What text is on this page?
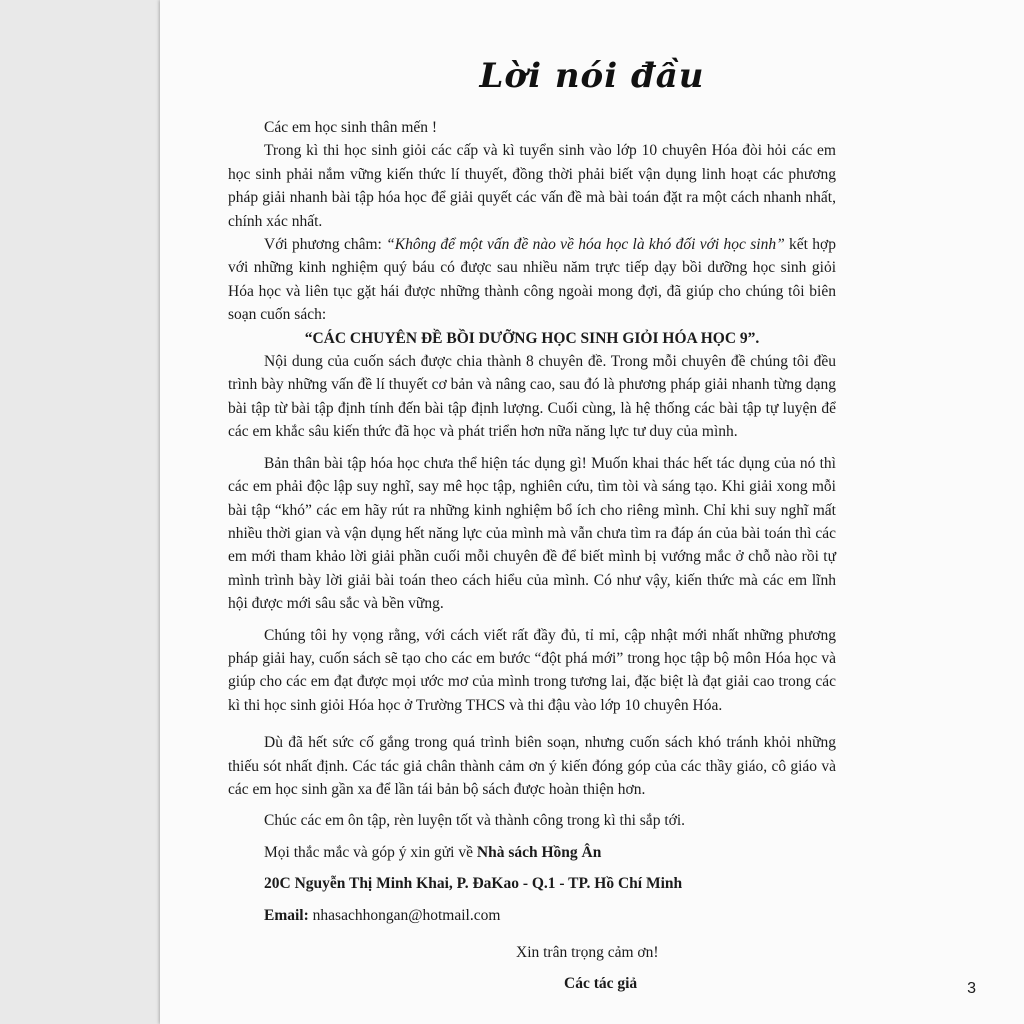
Lời nói đầu

Các em học sinh thân mến !

Trong kì thi học sinh giỏi các cấp và kì tuyển sinh vào lớp 10 chuyên Hóa đòi hỏi các em học sinh phải nắm vững kiến thức lí thuyết, đồng thời phải biết vận dụng linh hoạt các phương pháp giải nhanh bài tập hóa học để giải quyết các vấn đề mà bài toán đặt ra một cách nhanh nhất, chính xác nhất.

Với phương châm: “Không để một vấn đề nào về hóa học là khó đối với học sinh” kết hợp với những kinh nghiệm quý báu có được sau nhiều năm trực tiếp dạy bồi dưỡng học sinh giỏi Hóa học và liên tục gặt hái được những thành công ngoài mong đợi, đã giúp cho chúng tôi biên soạn cuốn sách:

“CÁC CHUYÊN ĐỀ BỒI DƯỠNG HỌC SINH GIỎI HÓA HỌC 9”.

Nội dung của cuốn sách được chia thành 8 chuyên đề. Trong mỗi chuyên đề chúng tôi đều trình bày những vấn đề lí thuyết cơ bản và nâng cao, sau đó là phương pháp giải nhanh từng dạng bài tập từ bài tập định tính đến bài tập định lượng. Cuối cùng, là hệ thống các bài tập tự luyện để các em khắc sâu kiến thức đã học và phát triển hơn nữa năng lực tư duy của mình.

Bản thân bài tập hóa học chưa thể hiện tác dụng gì! Muốn khai thác hết tác dụng của nó thì các em phải độc lập suy nghĩ, say mê học tập, nghiên cứu, tìm tòi và sáng tạo. Khi giải xong mỗi bài tập “khó” các em hãy rút ra những kinh nghiệm bổ ích cho riêng mình. Chỉ khi suy nghĩ mất nhiều thời gian và vận dụng hết năng lực của mình mà vẫn chưa tìm ra đáp án của bài toán thì các em mới tham khảo lời giải phần cuối mỗi chuyên đề để biết mình bị vướng mắc ở chỗ nào rồi tự mình trình bày lời giải bài toán theo cách hiểu của mình. Có như vậy, kiến thức mà các em lĩnh hội được mới sâu sắc và bền vững.

Chúng tôi hy vọng rằng, với cách viết rất đầy đủ, tỉ mỉ, cập nhật mới nhất những phương pháp giải hay, cuốn sách sẽ tạo cho các em bước “đột phá mới” trong học tập bộ môn Hóa học và giúp cho các em đạt được mọi ước mơ của mình trong tương lai, đặc biệt là đạt giải cao trong các kì thi học sinh giỏi Hóa học ở Trường THCS và thi đậu vào lớp 10 chuyên Hóa.

Dù đã hết sức cố gắng trong quá trình biên soạn, nhưng cuốn sách khó tránh khỏi những thiếu sót nhất định. Các tác giả chân thành cảm ơn ý kiến đóng góp của các thầy giáo, cô giáo và các em học sinh gần xa để lần tái bản bộ sách được hoàn thiện hơn.

Chúc các em ôn tập, rèn luyện tốt và thành công trong kì thi sắp tới.

Mọi thắc mắc và góp ý xin gửi về Nhà sách Hồng Ân

20C Nguyễn Thị Minh Khai, P. ĐaKao - Q.1 - TP. Hồ Chí Minh

Email: nhasachhongan@hotmail.com

Xin trân trọng cảm ơn!

Các tác giả	3
